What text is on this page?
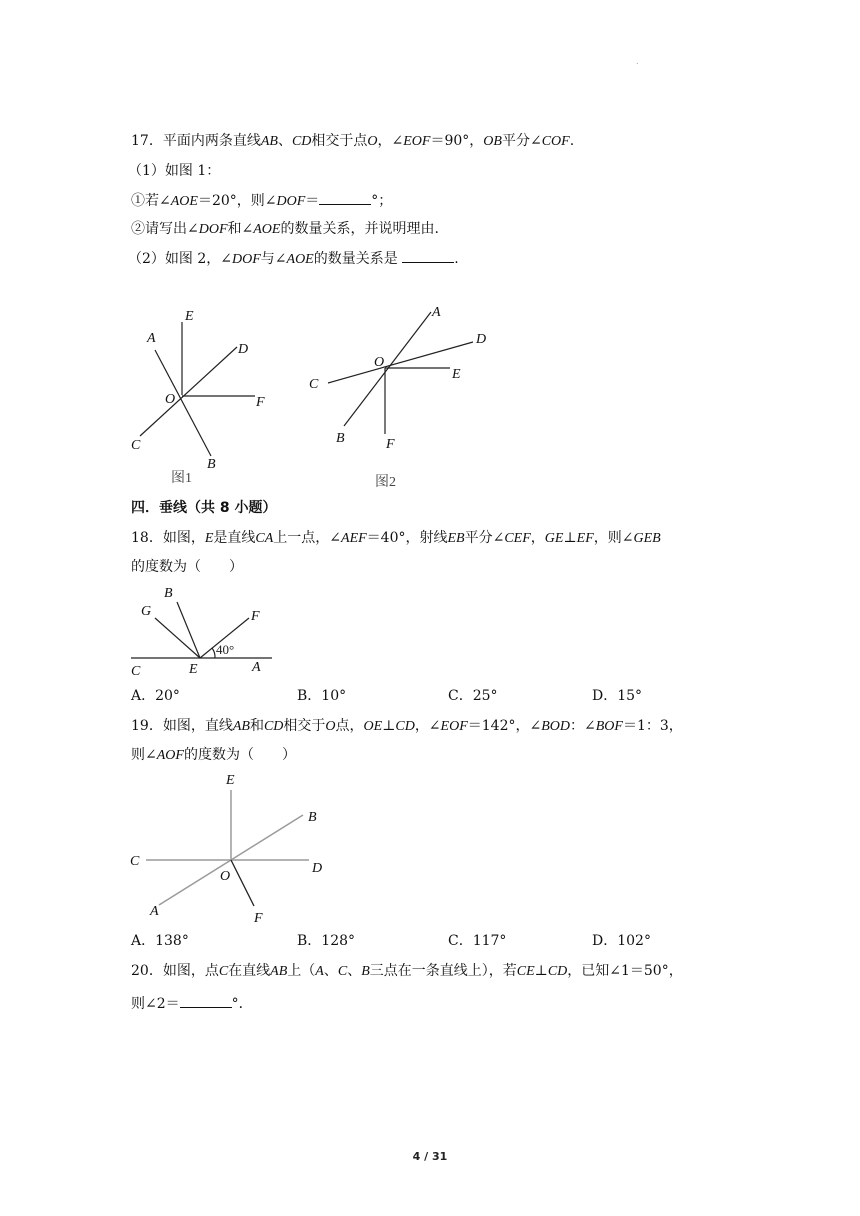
.
17．平面内两条直线AB、CD相交于点O，∠EOF＝90°，OB平分∠COF.
（1）如图 1：
①若∠AOE＝20°，则∠DOF＝	°；
②请写出∠DOF和∠AOE的数量关系，并说明理由.
（2）如图 2，∠DOF与∠AOE的数量关系是	.
E
A
D
O	F
C
B
图1
A
D
O
E
C
B	F
图2
四．垂线（共 8 小题）
18．如图，E是直线CA上一点，∠AEF＝40°，射线EB平分∠CEF，GE⊥EF，则∠GEB
的度数为（　　）
G
B
F
40°
C	E	A
A．20°	B．10°	C．25°	D．15°
19．如图，直线AB和CD相交于O点，OE⊥CD，∠EOF＝142°，∠BOD：∠BOF＝1：3，
则∠AOF的度数为（　　）
E
B
C	D
O
A	F
A．138°	B．128°	C．117°	D．102°
20．如图，点C在直线AB上（A、C、B三点在一条直线上），若CE⊥CD，已知∠1＝50°，
则∠2＝	°．
4 / 31
